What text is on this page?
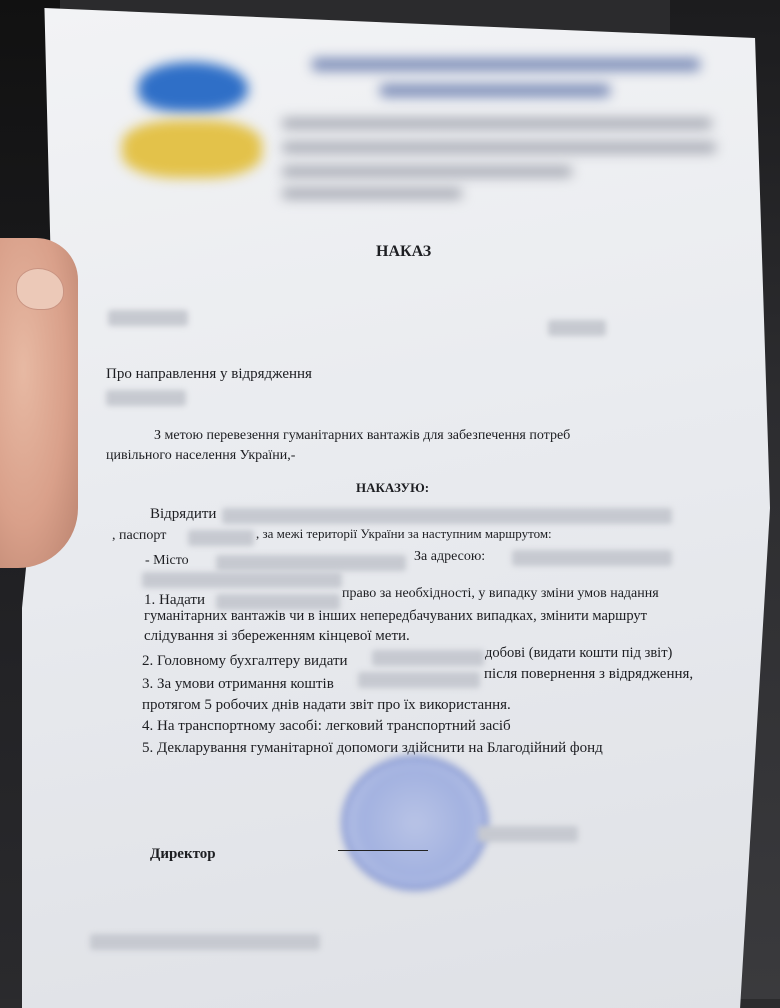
НАКАЗ
Про направлення у відрядження
З метою перевезення гуманітарних вантажів для забезпечення потреб
цивільного населення України,-
НАКАЗУЮ:
Відрядити
, паспорт	, за межі території України за наступним маршрутом:
- Місто	За адресою:
1. Надати	право за необхідності, у випадку зміни умов надання
гуманітарних вантажів чи в інших непередбачуваних випадках, змінити маршрут
слідування зі збереженням кінцевої мети.
2. Головному бухгалтеру видати	добові (видати кошти під звіт)
3. За умови отримання коштів
після повернення з відрядження,
протягом 5 робочих днів надати звіт про їх використання.
4. На транспортному засобі: легковий транспортний засіб
5. Декларування гуманітарної допомоги здійснити на Благодійний фонд
Директор
